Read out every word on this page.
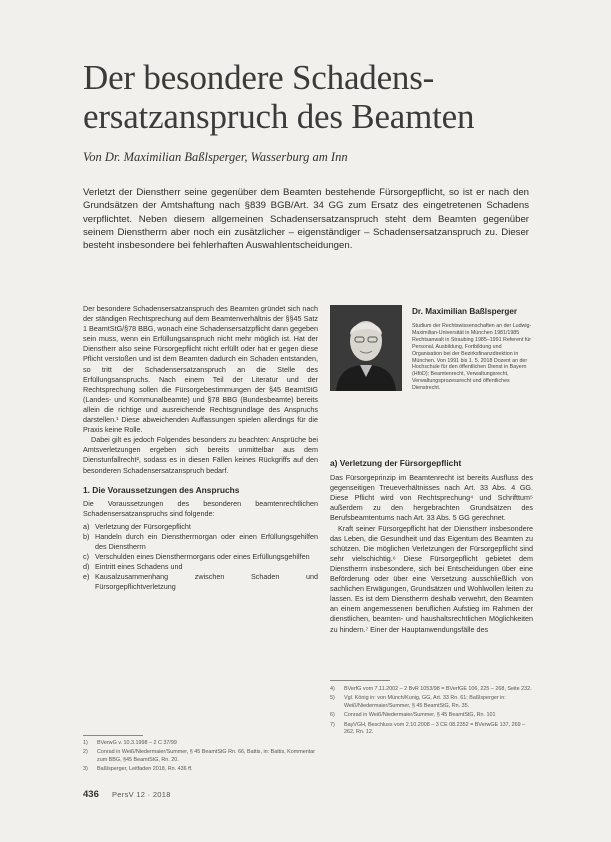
Der besondere Schadens-
ersatzanspruch des Beamten
Von Dr. Maximilian Baßlsperger, Wasserburg am Inn
Verletzt der Dienstherr seine gegenüber dem Beamten bestehende Fürsorgepflicht, so ist er nach den Grundsätzen der Amtshaftung nach §839 BGB/Art. 34 GG zum Ersatz des eingetretenen Schadens verpflichtet. Neben diesem allgemeinen Schadensersatzanspruch steht dem Beamten gegenüber seinem Dienstherrn aber noch ein zusätzlicher – eigenständiger – Schadensersatzanspruch zu. Dieser besteht insbesondere bei fehlerhaften Auswahlentscheidungen.

Der besondere Schadensersatzanspruch des Beamten gründet sich nach der ständigen Rechtsprechung auf dem Beamtenverhältnis der §§45 Satz 1 BeamtStG/§78 BBG, wonach eine Schadensersatzpflicht dann gegeben sein muss, wenn ein Erfüllungsanspruch nicht mehr möglich ist. Hat der Dienstherr also seine Fürsorgepflicht nicht erfüllt oder hat er gegen diese Pflicht verstoßen und ist dem Beamten dadurch ein Schaden entstanden, so tritt der Schadensersatzanspruch an die Stelle des Erfüllungsanspruchs. Nach einem Teil der Literatur und der Rechtsprechung sollen die Fürsorgebestimmungen der §45 BeamtStG (Landes- und Kommunalbeamte) und §78 BBG (Bundesbeamte) bereits allein die richtige und ausreichende Rechtsgrundlage des Anspruchs darstellen.¹ Diese abweichenden Auffassungen spielen allerdings für die Praxis keine Rolle.

Dabei gilt es jedoch Folgendes besonders zu beachten: Ansprüche bei Amtsverletzungen ergeben sich bereits unmittelbar aus dem Dienstunfallrecht², sodass es in diesen Fällen keines Rückgriffs auf den besonderen Schadensersatzanspruch bedarf.

1. Die Voraussetzungen des Anspruchs

Die Voraussetzungen des besonderen beamtenrechtlichen Schadensersatzanspruchs sind folgende:

a) Verletzung der Fürsorgepflicht
b) Handeln durch ein Dienstherrnorgan oder einen Erfüllungsgehilfen des Dienstherrn
c) Verschulden eines Dienstherrnorgans oder eines Erfüllungsgehilfen
d) Eintritt eines Schadens und
e) Kausalzusammenhang zwischen Schaden und Fürsorgepflichtverletzung
1) BVerwG v. 10.3.1998 – 2 C 37/99
2) Conrad in Weiß/Niedermaier/Summer, § 45 BeamtStG Rn. 66, Battis, in: Battis, Kommentar zum BBG, §45 BeamtStG, Rn. 20.
3) Baßlsperger, Leitfaden 2018, Rn. 436 ff.
Dr. Maximilian Baßlsperger
Studium der Rechtswissenschaften an der Ludwig-Maximilian-Universität in München 1981/1985 Rechtsanwalt in Straubing 1985–1991 Referent für Personal, Ausbildung, Fortbildung und Organisation bei der Bezirksfinanzdirektion in München. Von 1991 bis 1. 5. 2018 Dozent an der Hochschule für den öffentlichen Dienst in Bayern (HföD); Beamtenrecht, Verwaltungsrecht, Verwaltungsprozessrecht und öffentliches Dienstrecht.
a) Verletzung der Fürsorgepflicht

Das Fürsorgeprinzip im Beamtenrecht ist bereits Ausfluss des gegenseitigen Treueverhältnisses nach Art. 33 Abs. 4 GG. Diese Pflicht wird von Rechtsprechung⁴ und Schrifttum⁵ außerdem zu den hergebrachten Grundsätzen des Berufsbeamtentums nach Art. 33 Abs. 5 GG gerechnet.

Kraft seiner Fürsorgepflicht hat der Dienstherr insbesondere das Leben, die Gesundheit und das Eigentum des Beamten zu schützen. Die möglichen Verletzungen der Fürsorgepflicht sind sehr vielschichtig.⁶ Diese Fürsorgepflicht gebietet dem Dienstherrn insbesondere, sich bei Entscheidungen über eine Beförderung oder über eine Versetzung ausschließlich von sachlichen Erwägungen, Grundsätzen und Wohlwollen leiten zu lassen. Es ist dem Dienstherrn deshalb verwehrt, den Beamten an einem angemessenen beruflichen Aufstieg im Rahmen der dienstlichen, beamten- und haushaltsrechtlichen Möglichkeiten zu hindern.⁷ Einer der Hauptanwendungsfälle des

4) BVerfG vom 7.11.2002 – 2 BvR 1053/98 = BVerfGE 106, 225 – 268, Seite 232.
5) Vgl. König in: von Münch/Kunig, GG, Art. 33 Rn. 61; Baßlsperger in: Weiß/Niedermaier/Summer, § 45 BeamtStG, Rn. 35.
6) Conrad in Weiß/Niedermaier/Summer, § 45 BeamtStG, Rn. 101
7) BayVGH, Beschluss vom 2.10.2008 – 3 CE 08.2352 = BVerwGE 137, 269 – 262, Rn. 12.
436 PersV 12 · 2018
